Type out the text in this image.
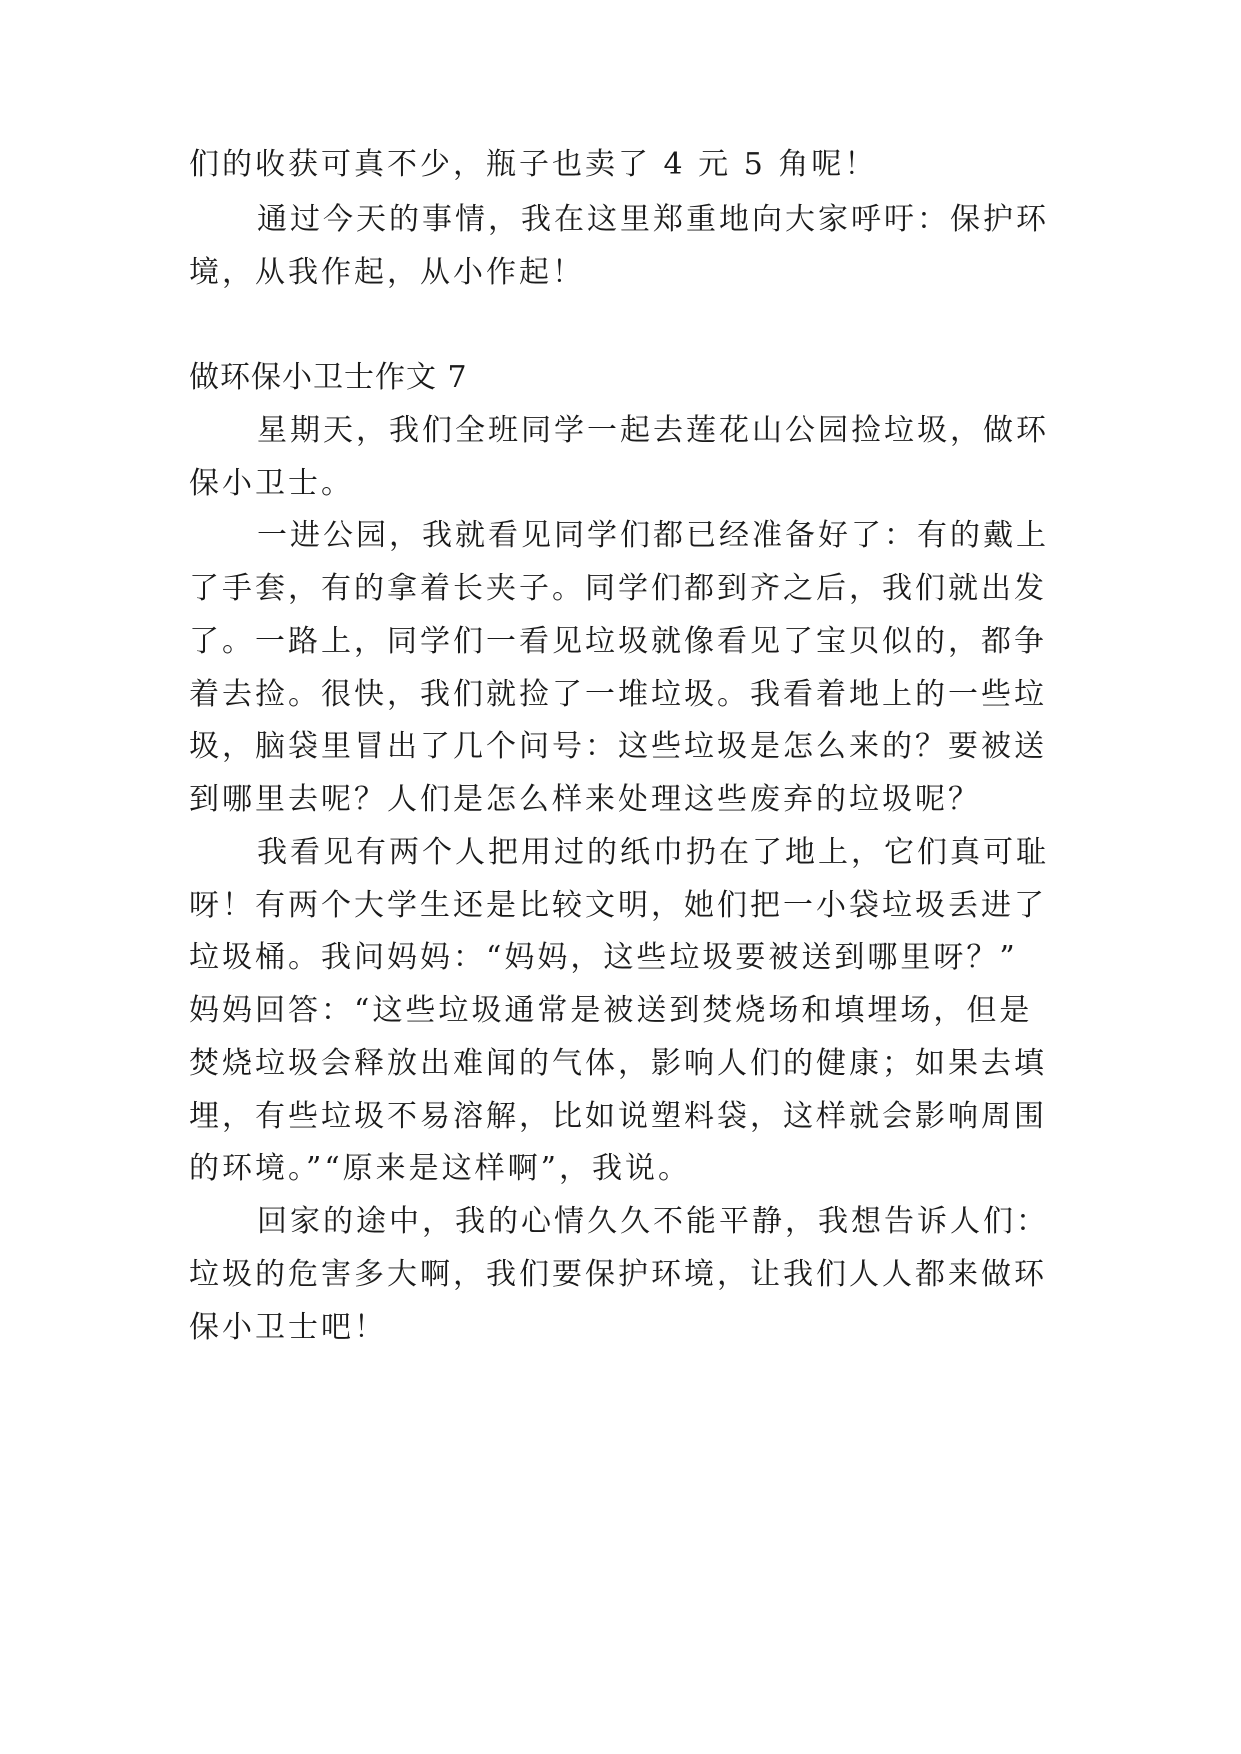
们的收获可真不少，瓶子也卖了 4 元 5 角呢！
通过今天的事情，我在这里郑重地向大家呼吁：保护环
境，从我作起，从小作起！
做环保小卫士作文 7
星期天，我们全班同学一起去莲花山公园捡垃圾，做环
保小卫士。
一进公园，我就看见同学们都已经准备好了：有的戴上
了手套，有的拿着长夹子。同学们都到齐之后，我们就出发
了。一路上，同学们一看见垃圾就像看见了宝贝似的，都争
着去捡。很快，我们就捡了一堆垃圾。我看着地上的一些垃
圾，脑袋里冒出了几个问号：这些垃圾是怎么来的？要被送
到哪里去呢？人们是怎么样来处理这些废弃的垃圾呢？
我看见有两个人把用过的纸巾扔在了地上，它们真可耻
呀！有两个大学生还是比较文明，她们把一小袋垃圾丢进了
垃圾桶。我问妈妈：“妈妈，这些垃圾要被送到哪里呀？”
妈妈回答：“这些垃圾通常是被送到焚烧场和填埋场，但是
焚烧垃圾会释放出难闻的气体，影响人们的健康；如果去填
埋，有些垃圾不易溶解，比如说塑料袋，这样就会影响周围
的环境。”“原来是这样啊”，我说。
回家的途中，我的心情久久不能平静，我想告诉人们：
垃圾的危害多大啊，我们要保护环境，让我们人人都来做环
保小卫士吧！
